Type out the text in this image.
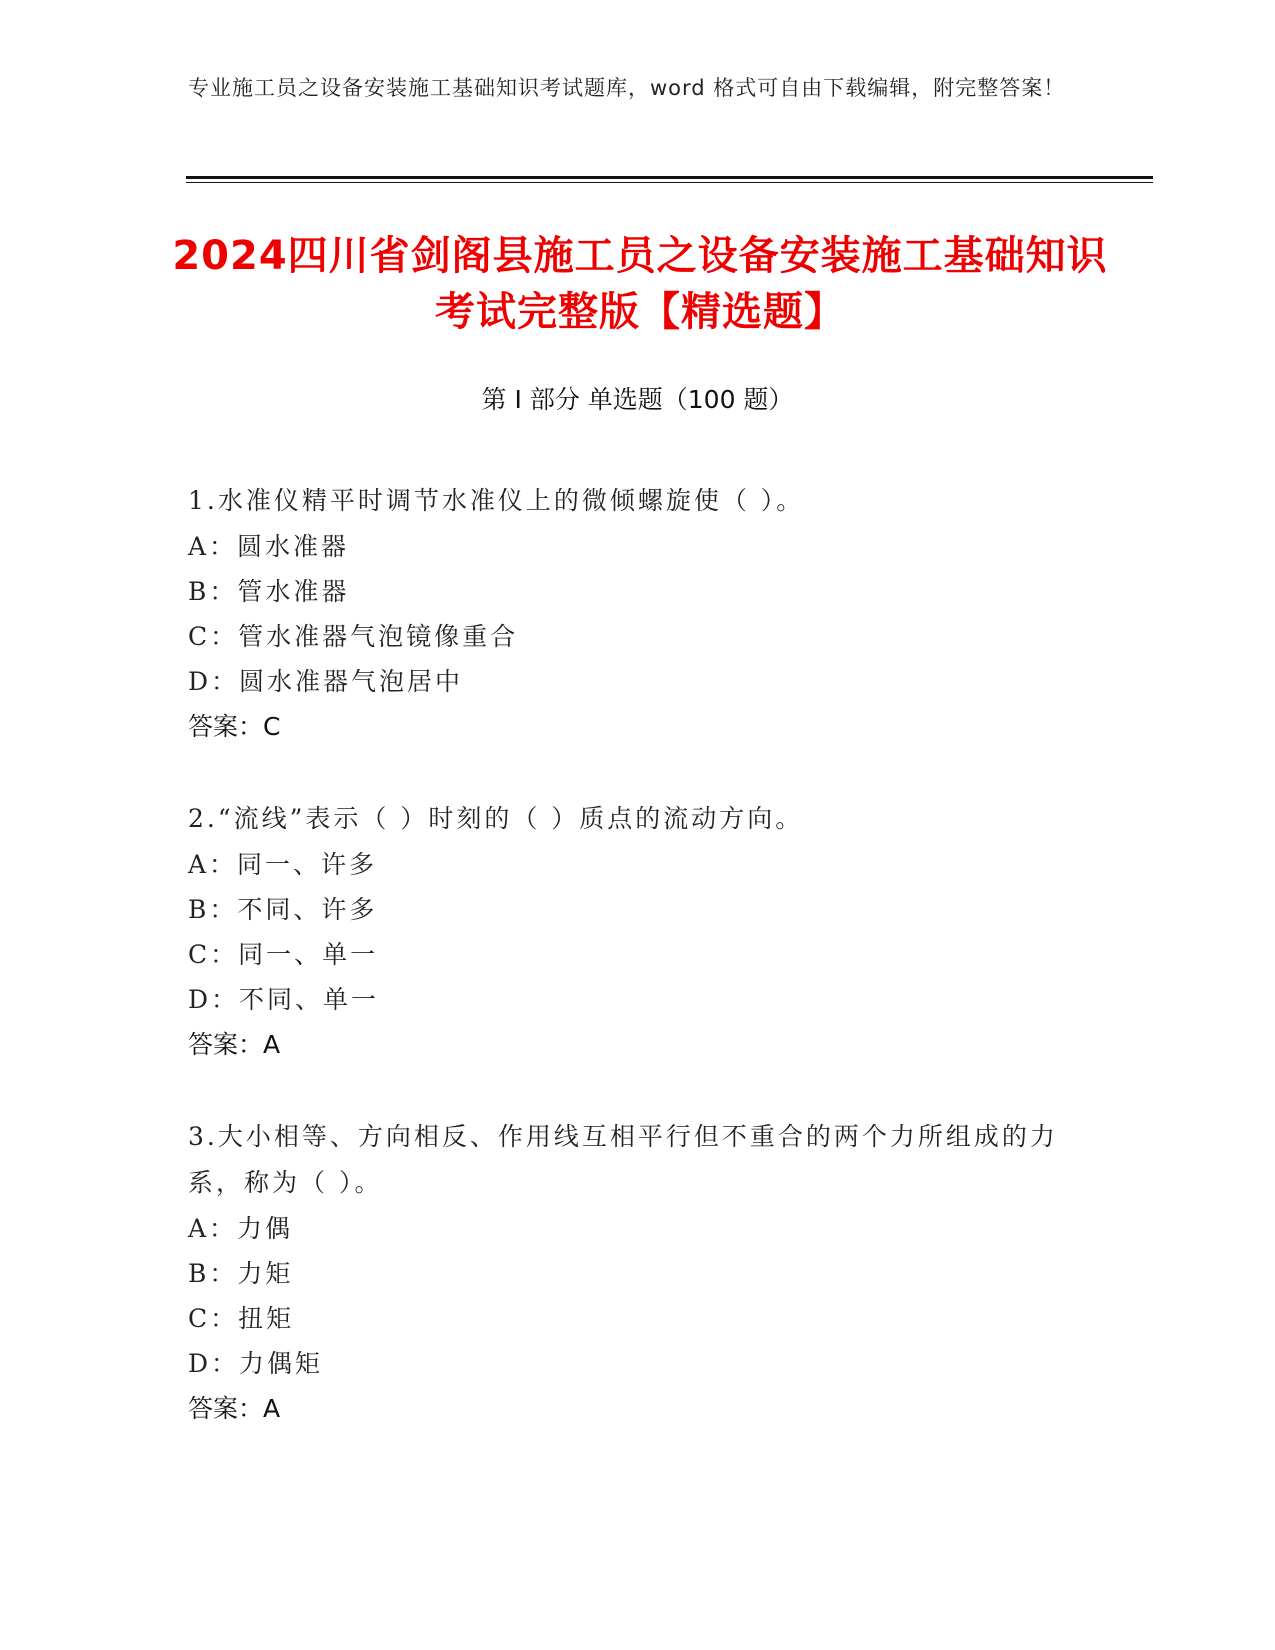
专业施工员之设备安装施工基础知识考试题库，word 格式可自由下载编辑，附完整答案！
2024四川省剑阁县施工员之设备安装施工基础知识考试完整版【精选题】
第 I 部分 单选题（100 题）
1.水准仪精平时调节水准仪上的微倾螺旋使（ ）。
A：圆水准器
B：管水准器
C：管水准器气泡镜像重合
D：圆水准器气泡居中
答案：C
2.“流线”表示（ ）时刻的（ ）质点的流动方向。
A：同一、许多
B：不同、许多
C：同一、单一
D：不同、单一
答案：A
3.大小相等、方向相反、作用线互相平行但不重合的两个力所组成的力系，称为（ ）。
A：力偶
B：力矩
C：扭矩
D：力偶矩
答案：A
